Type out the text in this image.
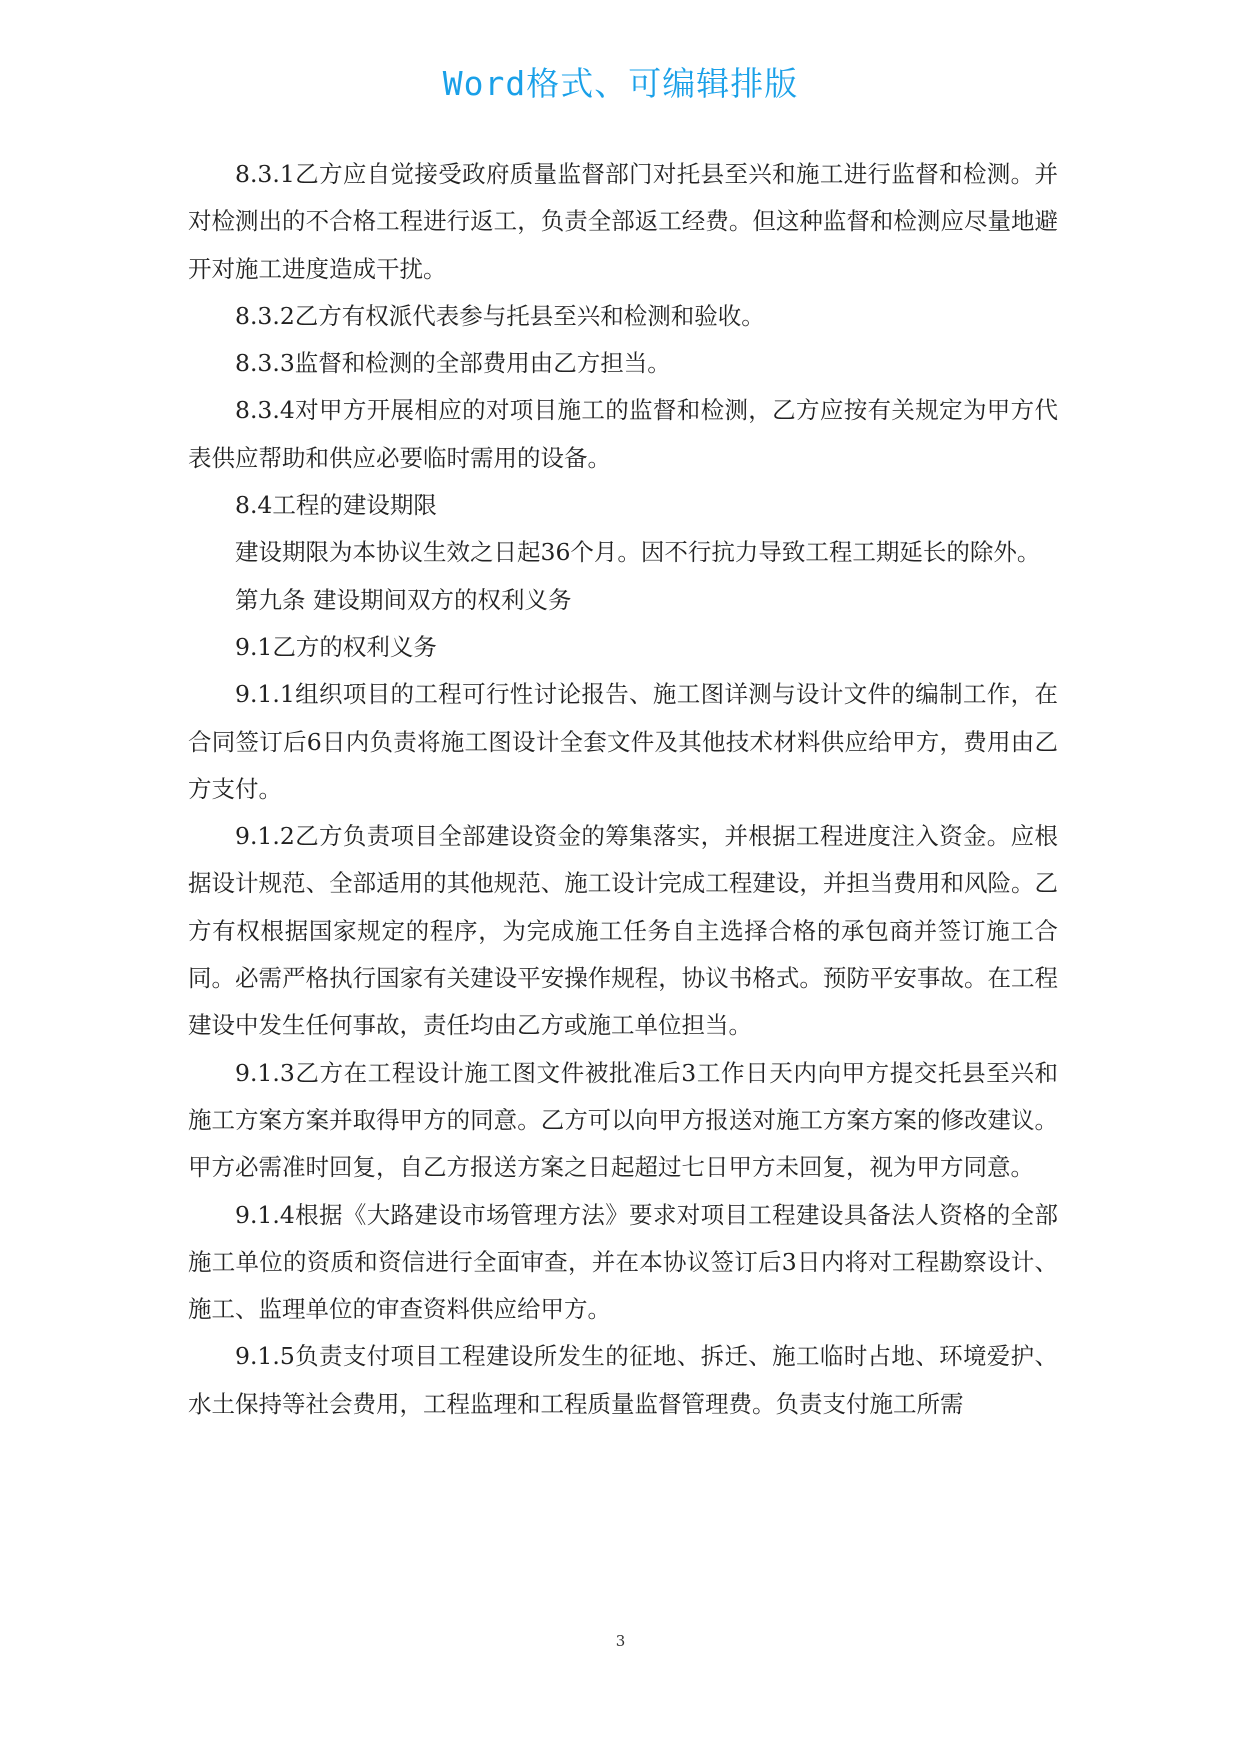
Word格式、可编辑排版

8.3.1乙方应自觉接受政府质量监督部门对托县至兴和施工进行监督和检测。并对检测出的不合格工程进行返工，负责全部返工经费。但这种监督和检测应尽量地避开对施工进度造成干扰。

8.3.2乙方有权派代表参与托县至兴和检测和验收。

8.3.3监督和检测的全部费用由乙方担当。

8.3.4对甲方开展相应的对项目施工的监督和检测，乙方应按有关规定为甲方代表供应帮助和供应必要临时需用的设备。

8.4工程的建设期限

建设期限为本协议生效之日起36个月。因不行抗力导致工程工期延长的除外。

第九条 建设期间双方的权利义务

9.1乙方的权利义务

9.1.1组织项目的工程可行性讨论报告、施工图详测与设计文件的编制工作，在合同签订后6日内负责将施工图设计全套文件及其他技术材料供应给甲方，费用由乙方支付。

9.1.2乙方负责项目全部建设资金的筹集落实，并根据工程进度注入资金。应根据设计规范、全部适用的其他规范、施工设计完成工程建设，并担当费用和风险。乙方有权根据国家规定的程序，为完成施工任务自主选择合格的承包商并签订施工合同。必需严格执行国家有关建设平安操作规程，协议书格式。预防平安事故。在工程建设中发生任何事故，责任均由乙方或施工单位担当。

9.1.3乙方在工程设计施工图文件被批准后3工作日天内向甲方提交托县至兴和施工方案方案并取得甲方的同意。乙方可以向甲方报送对施工方案方案的修改建议。甲方必需准时回复，自乙方报送方案之日起超过七日甲方未回复，视为甲方同意。

9.1.4根据《大路建设市场管理方法》要求对项目工程建设具备法人资格的全部施工单位的资质和资信进行全面审查，并在本协议签订后3日内将对工程勘察设计、施工、监理单位的审查资料供应给甲方。

9.1.5负责支付项目工程建设所发生的征地、拆迁、施工临时占地、环境爱护、水土保持等社会费用，工程监理和工程质量监督管理费。负责支付施工所需

3
